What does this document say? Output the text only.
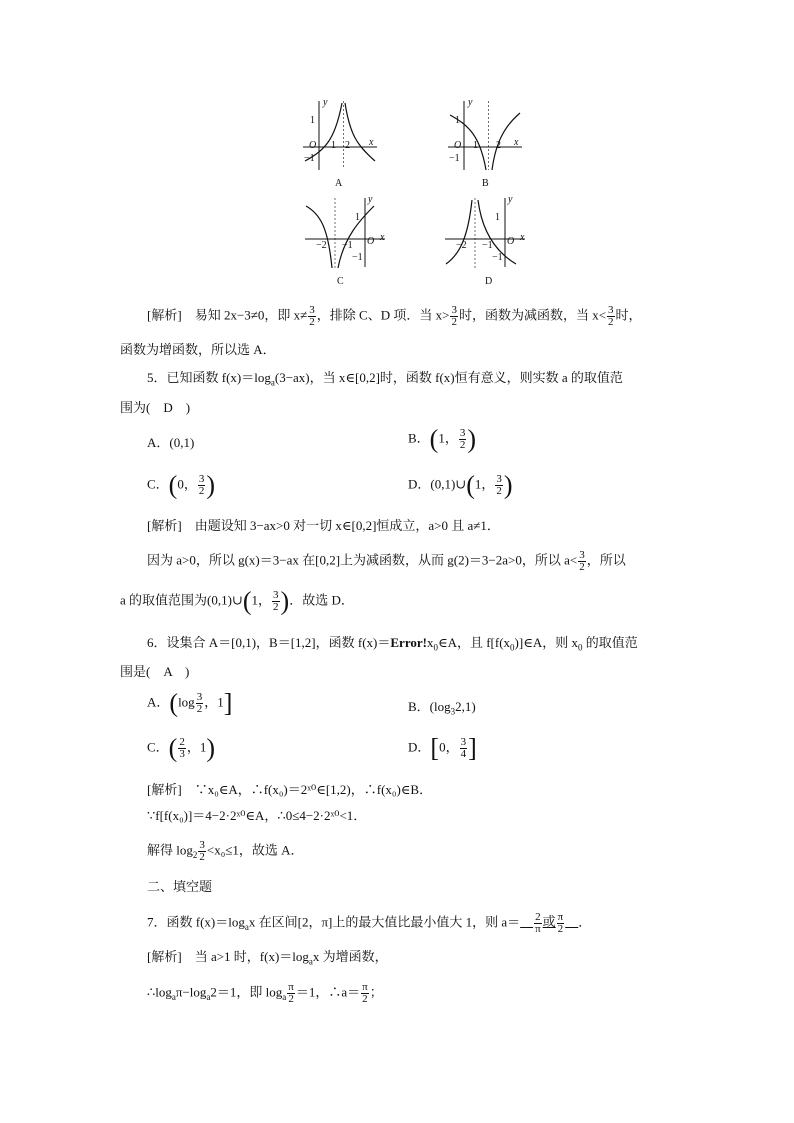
1
O 1 2
−1
x
y
A
1
O 1 2
−1
x
y
B
1
−2 −1 O
−1
x
y
C
1
−2 −1 O
−1
x
y
D
[解析]　 易知 2x−3≠0，即 $x\ne \frac{3}{2}$ ，排除 C、D 项．当 $x> \frac{3}{2}$ 时，函数为减函数，当 $x< \frac{3}{2}$ 时，
函数为增函数，所以选 A．
5．已知函数 $f(x)=\log_a(3-ax)$，当 x∈[0,2]时，函数 f(x)恒有意义，则实数 a 的取值范
围为(　D　)
A．(0,1)	B．(1， $\frac{3}{2}$ )
C．(0， $\frac{3}{2}$ )	D．(0,1)∪(1， $\frac{3}{2}$ )
[解析]　 由题设知 3−ax>0 对一切 x∈[0,2]恒成立，a>0 且 a≠1．
因为 a>0，所以 g(x)＝3−ax 在[0,2]上为减函数，从而 g(2)＝3−2a>0，所以 $a< \frac{3}{2}$ ，所以
a 的取值范围为(0,1)∪(1， $\frac{3}{2}$ )．故选 D．
6．设集合 A＝[0,1)，B＝[1,2]，函数 $f(x)=Error!x_0\in A$，且 $f[f(x_0)]\in A$，则 $x_0$ 的取值范
围是(　A　)
A．($\log \frac{3}{2}$ ，1]	B．$(\log_32,1)$
C．( $\frac{2}{3}$ ，1)	D．[0， $\frac{3}{4}$ ]
[解析]　 ∵x₀∈A，∴f(x₀)＝2ˣ⁰∈[1,2)，∴f(x₀)∈B．
∵f[f(x₀)]＝4−2·2ˣ⁰∈A，∴0≤4−2·2ˣ⁰<1．
解得 $\log_2 \frac{3}{2} <x_0\le 1$，故选 A．
二、填空题
7．函数 $f(x)=\log_ax$ 在区间[2，π]上的最大值比最小值大 1，则 a＝　 $\frac{2}{\pi}$ 或 $\frac{\pi}{2}$
　 ．
[解析]　 当 a>1 时，$f(x)=\log_ax$ 为增函数，
$\therefore\log_a\pi-\log_a2=1$，即 $\log_a \frac{\pi}{2} =1$，∴a＝ $\frac{\pi}{2}$ ；
